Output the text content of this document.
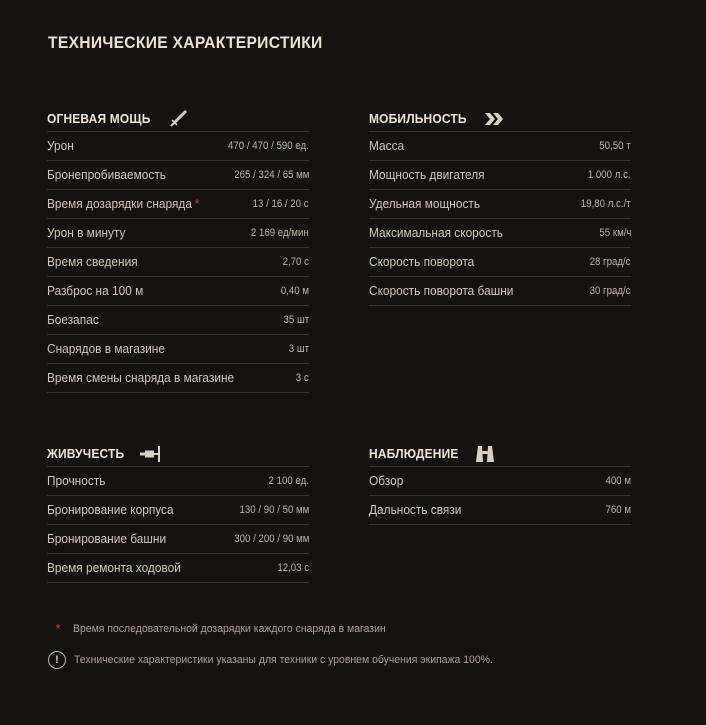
ТЕХНИЧЕСКИЕ ХАРАКТЕРИСТИКИ
ОГНЕВАЯ МОЩЬ
Урон	470 / 470 / 590 ед.
Бронепробиваемость	265 / 324 / 65 мм
Время дозарядки снаряда *	13 / 16 / 20 с
Урон в минуту	2 169 ед/мин
Время сведения	2,70 с
Разброс на 100 м	0,40 м
Боезапас	35 шт
Снарядов в магазине	3 шт
Время смены снаряда в магазине	3 с
МОБИЛЬНОСТЬ
Масса	50,50 т
Мощность двигателя	1 000 л.с.
Удельная мощность	19,80 л.с./т
Максимальная скорость	55 км/ч
Скорость поворота	28 град/с
Скорость поворота башни	30 град/с
ЖИВУЧЕСТЬ
Прочность	2 100 ед.
Бронирование корпуса	130 / 90 / 50 мм
Бронирование башни	300 / 200 / 90 мм
Время ремонта ходовой	12,03 с
НАБЛЮДЕНИЕ
Обзор	400 м
Дальность связи	760 м
*	Время последовательной дозарядки каждого снаряда в магазин
!	Технические характеристики указаны для техники с уровнем обучения экипажа 100%.
